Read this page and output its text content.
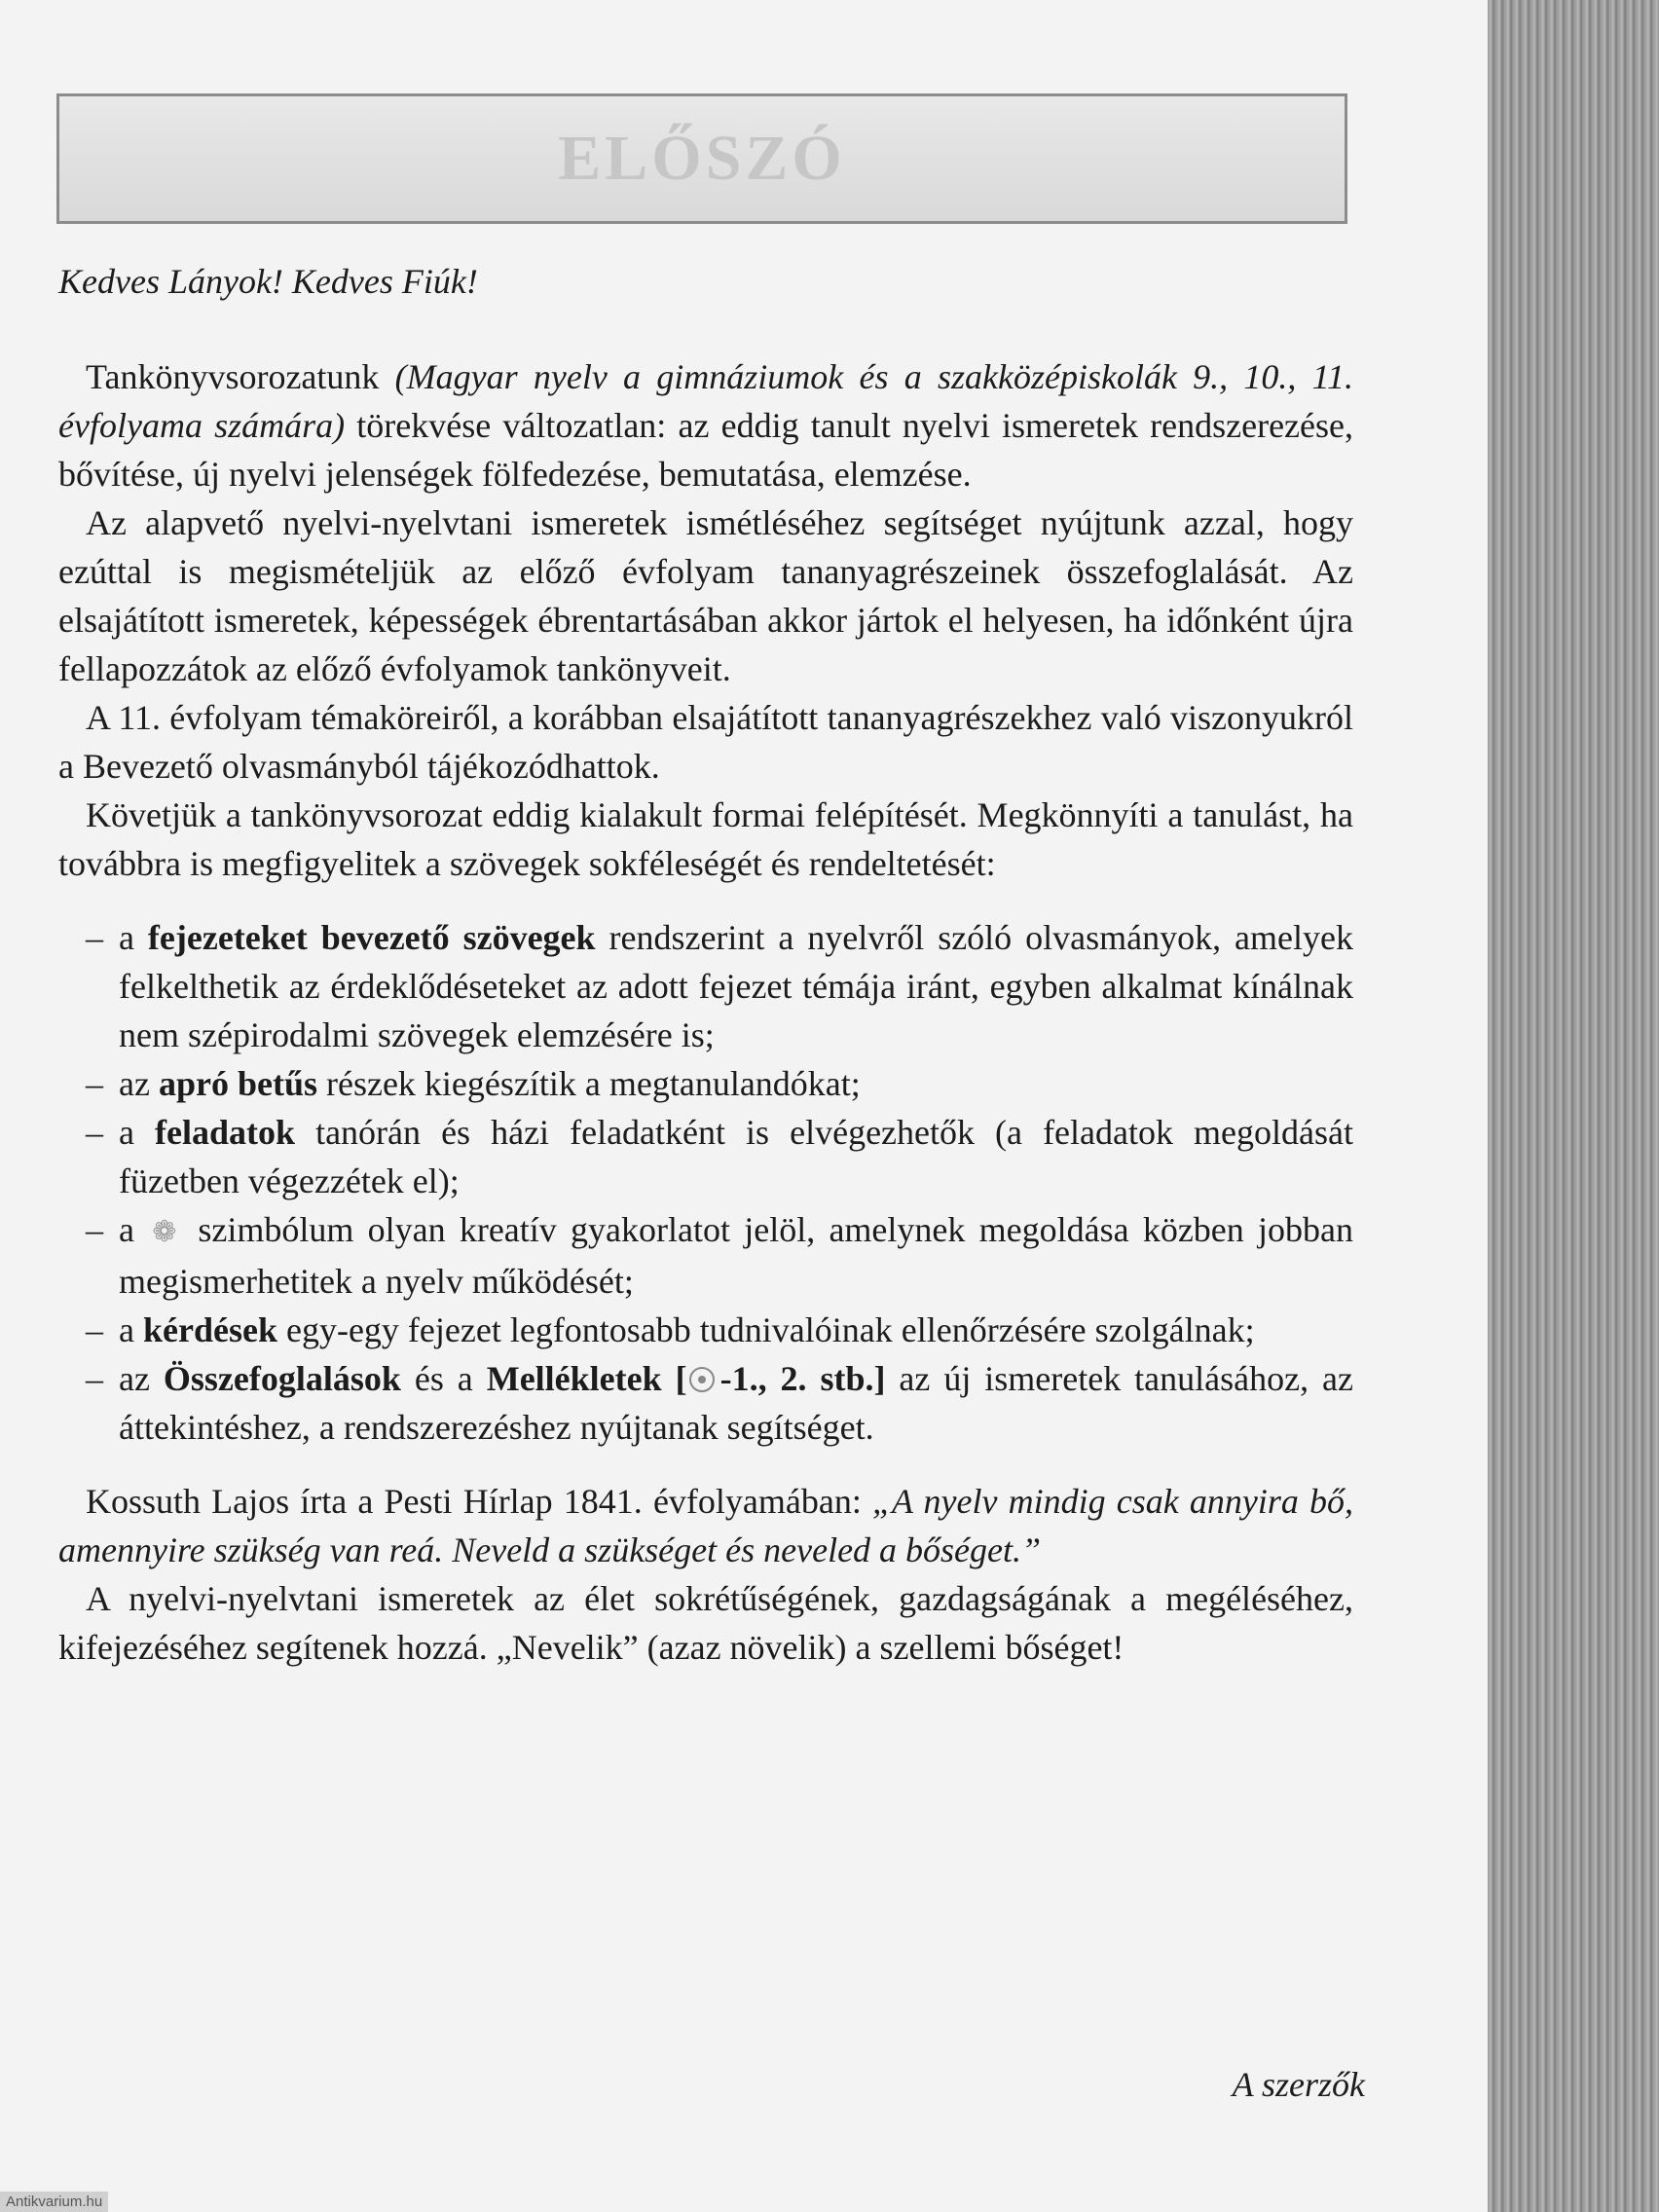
ELŐSZÓ

Kedves Lányok! Kedves Fiúk!

Tankönyvsorozatunk (Magyar nyelv a gimnáziumok és a szakközépiskolák 9., 10., 11. évfolyama számára) törekvése változatlan: az eddig tanult nyelvi ismeretek rendszerezése, bővítése, új nyelvi jelenségek fölfedezése, bemutatása, elemzése.

Az alapvető nyelvi-nyelvtani ismeretek ismétléséhez segítséget nyújtunk azzal, hogy ezúttal is megismételjük az előző évfolyam tananyagrészeinek összefoglalását. Az elsajátított ismeretek, képességek ébrentartásában akkor jártok el helyesen, ha időnként újra fellapozzátok az előző évfolyamok tankönyveit.

A 11. évfolyam témaköreiről, a korábban elsajátított tananyagrészekhez való viszonyukról a Bevezető olvasmányból tájékozódhattok.

Követjük a tankönyvsorozat eddig kialakult formai felépítését. Megkönnyíti a tanulást, ha továbbra is megfigyelitek a szövegek sokféleségét és rendeltetését:

– a fejezeteket bevezető szövegek rendszerint a nyelvről szóló olvasmányok, amelyek felkelthetik az érdeklődéseteket az adott fejezet témája iránt, egyben alkalmat kínálnak nem szépirodalmi szövegek elemzésére is;
– az apró betűs részek kiegészítik a megtanulandókat;
– a feladatok tanórán és házi feladatként is elvégezhetők (a feladatok megoldását füzetben végezzétek el);
– a ❁ szimbólum olyan kreatív gyakorlatot jelöl, amelynek megoldása közben jobban megismerhetitek a nyelv működését;
– a kérdések egy-egy fejezet legfontosabb tudnivalóinak ellenőrzésére szolgálnak;
– az Összefoglalások és a Mellékletek [ -1., 2. stb.] az új ismeretek tanulásához, az áttekintéshez, a rendszerezéshez nyújtanak segítséget.

Kossuth Lajos írta a Pesti Hírlap 1841. évfolyamában: „A nyelv mindig csak annyira bő, amennyire szükség van reá. Neveld a szükséget és neveled a bőséget.”

A nyelvi-nyelvtani ismeretek az élet sokrétűségének, gazdagságának a megéléséhez, kifejezéséhez segítenek hozzá. „Nevelik” (azaz növelik) a szellemi bőséget!

A szerzők

Antikvarium.hu
